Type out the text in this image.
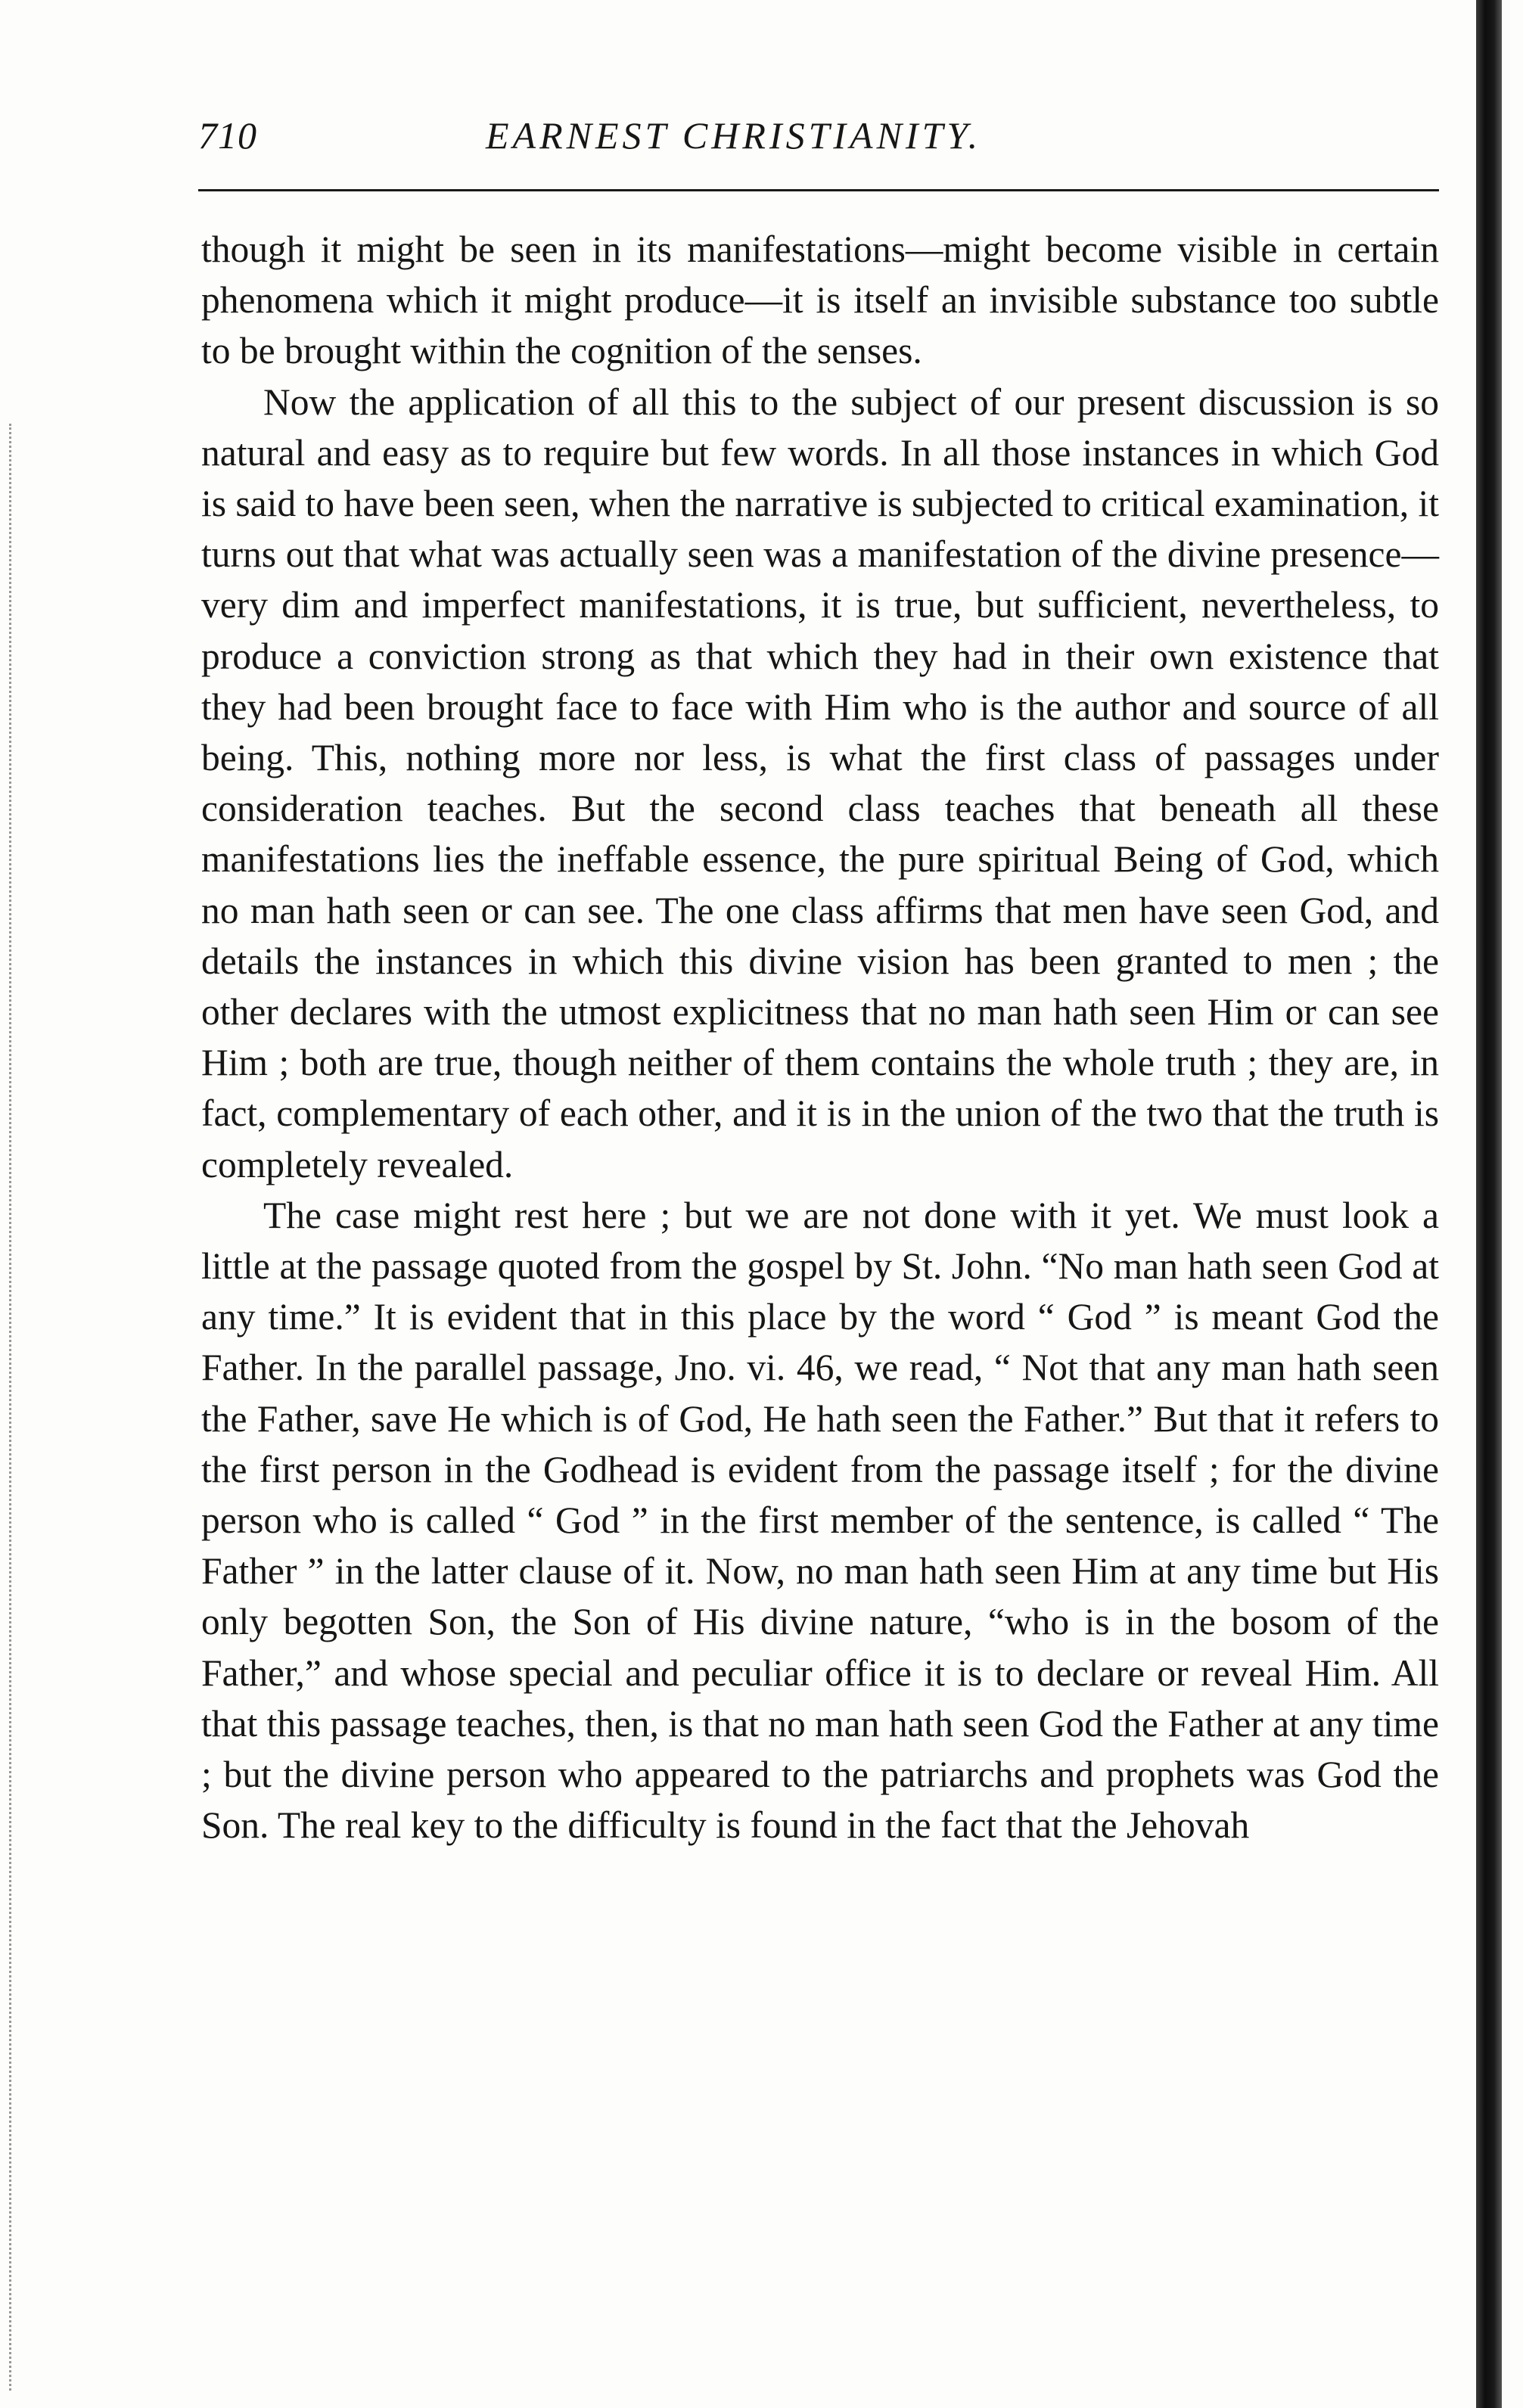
710	EARNEST CHRISTIANITY.

though it might be seen in its manifestations—might become visible in certain phenomena which it might produce—it is itself an invisible substance too subtle to be brought within the cognition of the senses.

Now the application of all this to the subject of our present discussion is so natural and easy as to require but few words. In all those instances in which God is said to have been seen, when the narrative is subjected to critical examination, it turns out that what was actually seen was a manifestation of the divine presence—very dim and imperfect manifestations, it is true, but sufficient, nevertheless, to produce a conviction strong as that which they had in their own existence that they had been brought face to face with Him who is the author and source of all being. This, nothing more nor less, is what the first class of passages under consideration teaches. But the second class teaches that beneath all these manifestations lies the ineffable essence, the pure spiritual Being of God, which no man hath seen or can see. The one class affirms that men have seen God, and details the instances in which this divine vision has been granted to men ; the other declares with the utmost explicitness that no man hath seen Him or can see Him ; both are true, though neither of them contains the whole truth ; they are, in fact, complementary of each other, and it is in the union of the two that the truth is completely revealed.

The case might rest here ; but we are not done with it yet. We must look a little at the passage quoted from the gospel by St. John. “No man hath seen God at any time.” It is evident that in this place by the word “ God ” is meant God the Father. In the parallel passage, Jno. vi. 46, we read, “ Not that any man hath seen the Father, save He which is of God, He hath seen the Father.” But that it refers to the first person in the Godhead is evident from the passage itself ; for the divine person who is called “ God ” in the first member of the sentence, is called “ The Father ” in the latter clause of it. Now, no man hath seen Him at any time but His only begotten Son, the Son of His divine nature, “who is in the bosom of the Father,” and whose special and peculiar office it is to declare or reveal Him. All that this passage teaches, then, is that no man hath seen God the Father at any time ; but the divine person who appeared to the patriarchs and prophets was God the Son. The real key to the difficulty is found in the fact that the Jehovah
